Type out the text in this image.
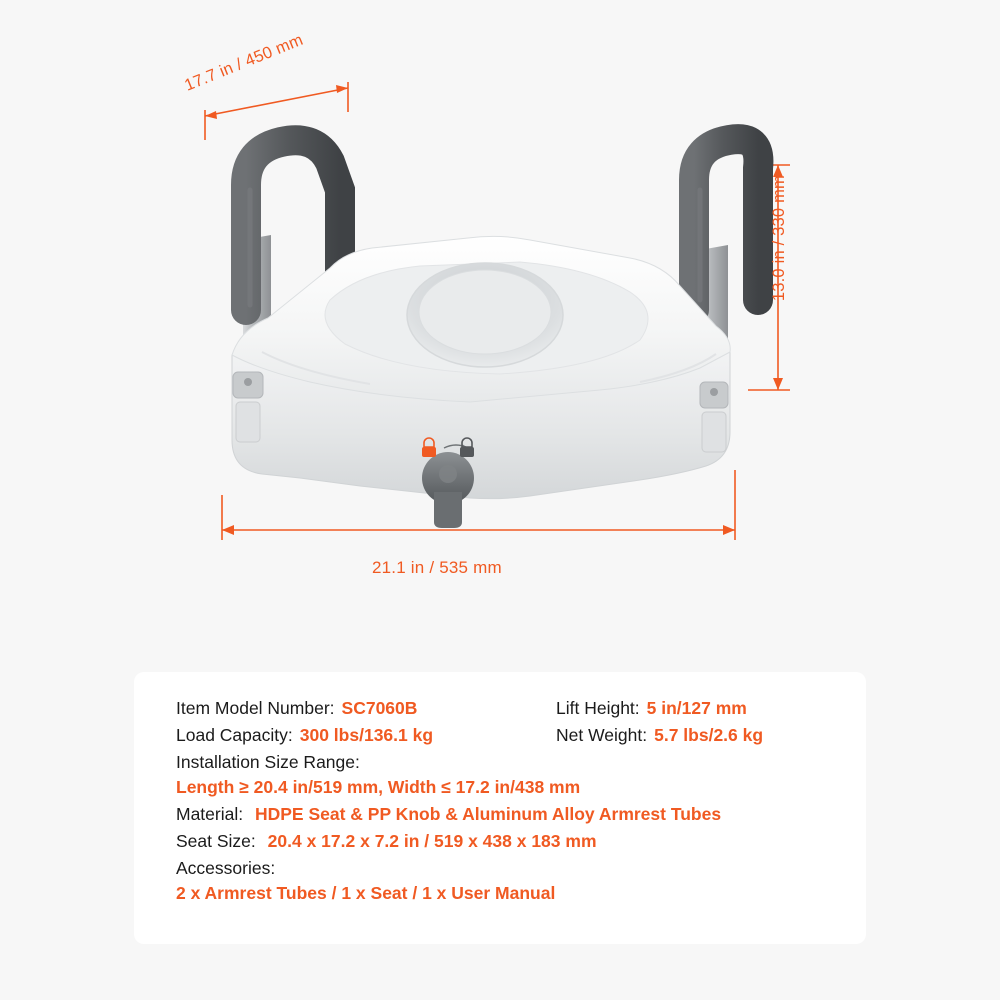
17.7 in / 450 mm
13.0 in / 330 mm
21.1 in / 535 mm
Item Model Number: SC7060B	Lift Height: 5 in/127 mm
Load Capacity: 300 lbs/136.1 kg	Net Weight: 5.7 lbs/2.6 kg
Installation Size Range:
Length ≥ 20.4 in/519 mm, Width ≤ 17.2 in/438 mm
Material: HDPE Seat & PP Knob & Aluminum Alloy Armrest Tubes
Seat Size: 20.4 x 17.2 x 7.2 in / 519 x 438 x 183 mm
Accessories:
2 x Armrest Tubes / 1 x Seat / 1 x User Manual
